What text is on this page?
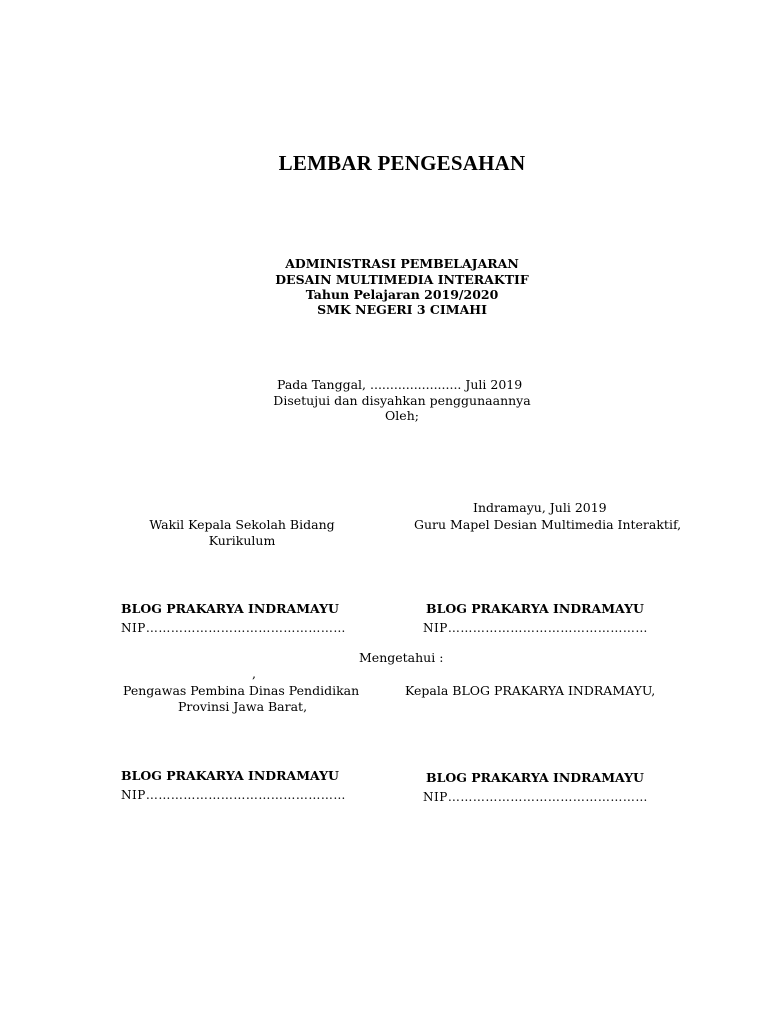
LEMBAR PENGESAHAN
ADMINISTRASI PEMBELAJARAN
DESAIN MULTIMEDIA INTERAKTIF
Tahun Pelajaran 2019/2020
SMK NEGERI 3 CIMAHI
Pada Tanggal, ....................... Juli 2019
Disetujui dan disyahkan penggunaannya
Oleh;
Indramayu, Juli 2019
Wakil Kepala Sekolah Bidang
Kurikulum
Guru Mapel Desian Multimedia Interaktif,
BLOG PRAKARYA INDRAMAYU
NIP…………………………………………
BLOG PRAKARYA INDRAMAYU
NIP…………………………………………
Mengetahui :
,
Pengawas Pembina Dinas Pendidikan
Provinsi Jawa Barat,
Kepala BLOG PRAKARYA INDRAMAYU,
BLOG PRAKARYA INDRAMAYU
NIP…………………………………………
BLOG PRAKARYA INDRAMAYU
NIP…………………………………………
